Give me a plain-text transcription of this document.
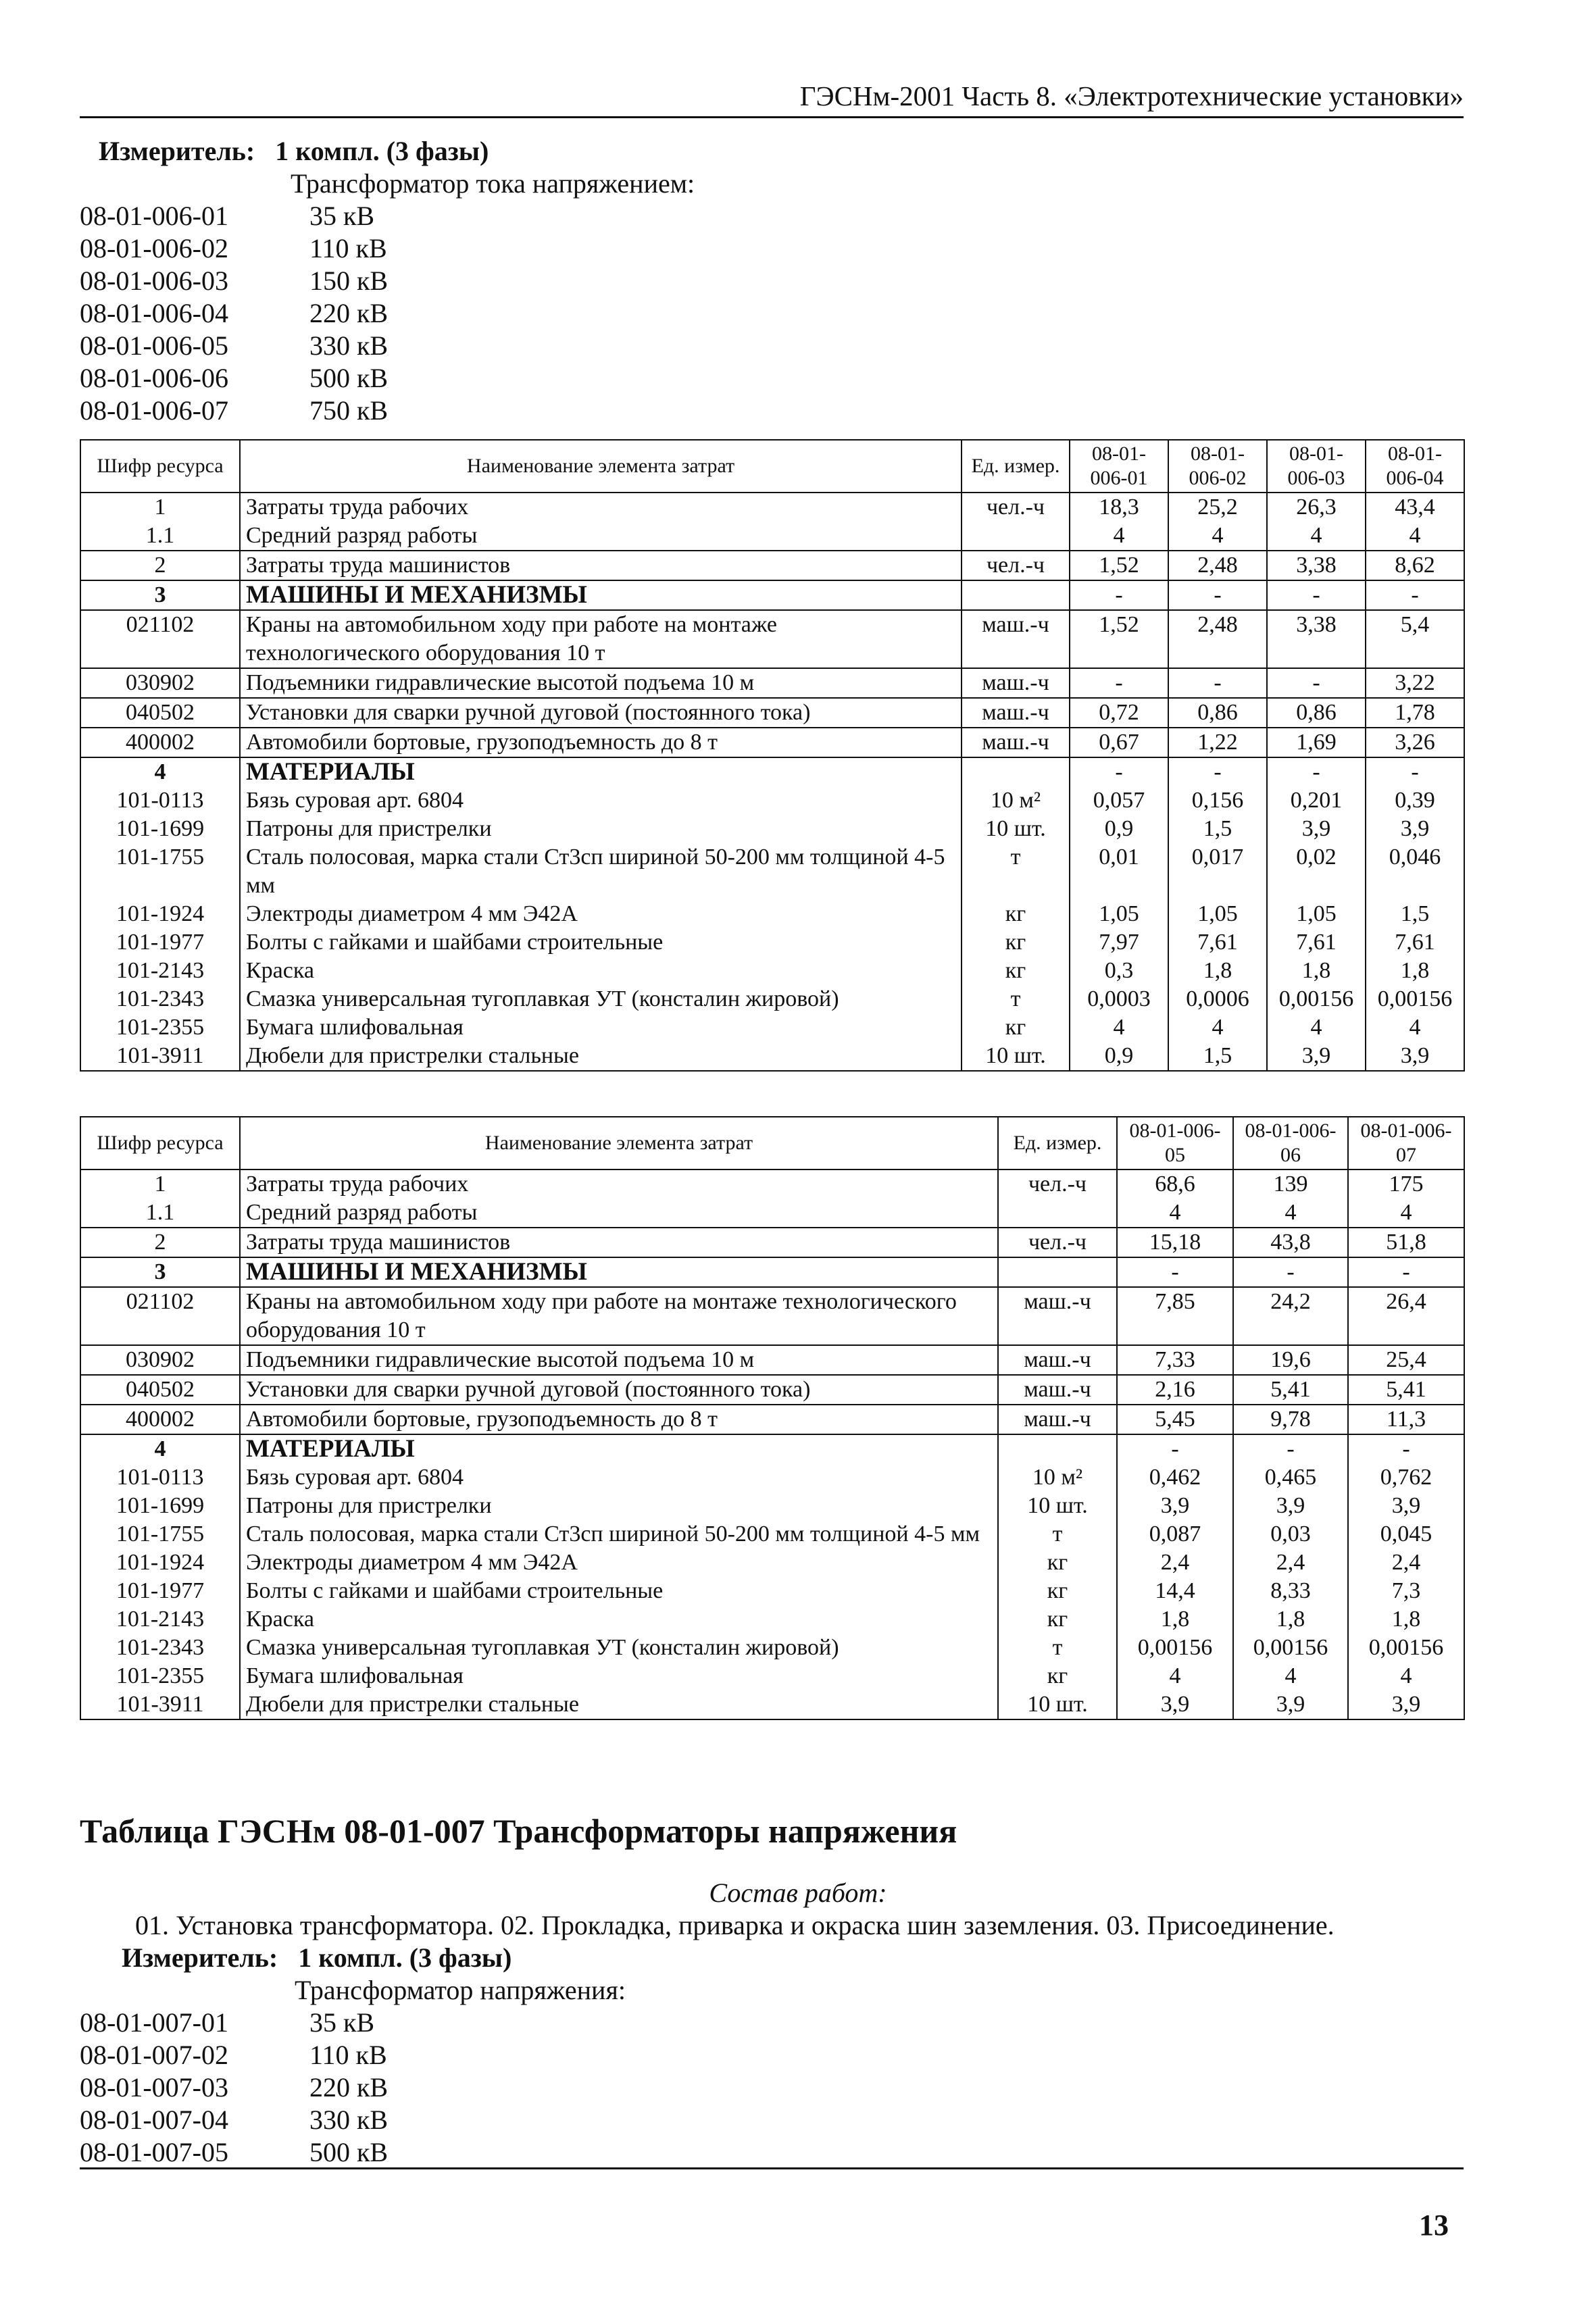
ГЭСНм-2001 Часть 8. «Электротехнические установки»
Измеритель: 1 компл. (3 фазы)
Трансформатор тока напряжением:
08-01-006-01	35 кВ
08-01-006-02	110 кВ
08-01-006-03	150 кВ
08-01-006-04	220 кВ
08-01-006-05	330 кВ
08-01-006-06	500 кВ
08-01-006-07	750 кВ
Шифр ресурса	Наименование элемента затрат	Ед. измер.	08-01-006-01	08-01-006-02	08-01-006-03	08-01-006-04
1	Затраты труда рабочих	чел.-ч	18,3	25,2	26,3	43,4
1.1	Средний разряд работы		4	4	4	4
2	Затраты труда машинистов	чел.-ч	1,52	2,48	3,38	8,62
3	МАШИНЫ И МЕХАНИЗМЫ		-	-	-	-
021102	Краны на автомобильном ходу при работе на монтаже технологического оборудования 10 т	маш.-ч	1,52	2,48	3,38	5,4
030902	Подъемники гидравлические высотой подъема 10 м	маш.-ч	-	-	-	3,22
040502	Установки для сварки ручной дуговой (постоянного тока)	маш.-ч	0,72	0,86	0,86	1,78
400002	Автомобили бортовые, грузоподъемность до 8 т	маш.-ч	0,67	1,22	1,69	3,26
4	МАТЕРИАЛЫ		-	-	-	-
101-0113	Бязь суровая арт. 6804	10 м²	0,057	0,156	0,201	0,39
101-1699	Патроны для пристрелки	10 шт.	0,9	1,5	3,9	3,9
101-1755	Сталь полосовая, марка стали Ст3сп шириной 50-200 мм толщиной 4-5 мм	т	0,01	0,017	0,02	0,046
101-1924	Электроды диаметром 4 мм Э42А	кг	1,05	1,05	1,05	1,5
101-1977	Болты с гайками и шайбами строительные	кг	7,97	7,61	7,61	7,61
101-2143	Краска	кг	0,3	1,8	1,8	1,8
101-2343	Смазка универсальная тугоплавкая УТ (консталин жировой)	т	0,0003	0,0006	0,00156	0,00156
101-2355	Бумага шлифовальная	кг	4	4	4	4
101-3911	Дюбели для пристрелки стальные	10 шт.	0,9	1,5	3,9	3,9
Шифр ресурса	Наименование элемента затрат	Ед. измер.	08-01-006-05	08-01-006-06	08-01-006-07
1	Затраты труда рабочих	чел.-ч	68,6	139	175
1.1	Средний разряд работы		4	4	4
2	Затраты труда машинистов	чел.-ч	15,18	43,8	51,8
3	МАШИНЫ И МЕХАНИЗМЫ		-	-	-
021102	Краны на автомобильном ходу при работе на монтаже технологического оборудования 10 т	маш.-ч	7,85	24,2	26,4
030902	Подъемники гидравлические высотой подъема 10 м	маш.-ч	7,33	19,6	25,4
040502	Установки для сварки ручной дуговой (постоянного тока)	маш.-ч	2,16	5,41	5,41
400002	Автомобили бортовые, грузоподъемность до 8 т	маш.-ч	5,45	9,78	11,3
4	МАТЕРИАЛЫ		-	-	-
101-0113	Бязь суровая арт. 6804	10 м²	0,462	0,465	0,762
101-1699	Патроны для пристрелки	10 шт.	3,9	3,9	3,9
101-1755	Сталь полосовая, марка стали Ст3сп шириной 50-200 мм толщиной 4-5 мм	т	0,087	0,03	0,045
101-1924	Электроды диаметром 4 мм Э42А	кг	2,4	2,4	2,4
101-1977	Болты с гайками и шайбами строительные	кг	14,4	8,33	7,3
101-2143	Краска	кг	1,8	1,8	1,8
101-2343	Смазка универсальная тугоплавкая УТ (консталин жировой)	т	0,00156	0,00156	0,00156
101-2355	Бумага шлифовальная	кг	4	4	4
101-3911	Дюбели для пристрелки стальные	10 шт.	3,9	3,9	3,9
Таблица ГЭСНм 08-01-007 Трансформаторы напряжения
Состав работ:
01. Установка трансформатора. 02. Прокладка, приварка и окраска шин заземления. 03. Присоединение.
Измеритель: 1 компл. (3 фазы)
Трансформатор напряжения:
08-01-007-01	35 кВ
08-01-007-02	110 кВ
08-01-007-03	220 кВ
08-01-007-04	330 кВ
08-01-007-05	500 кВ
13
